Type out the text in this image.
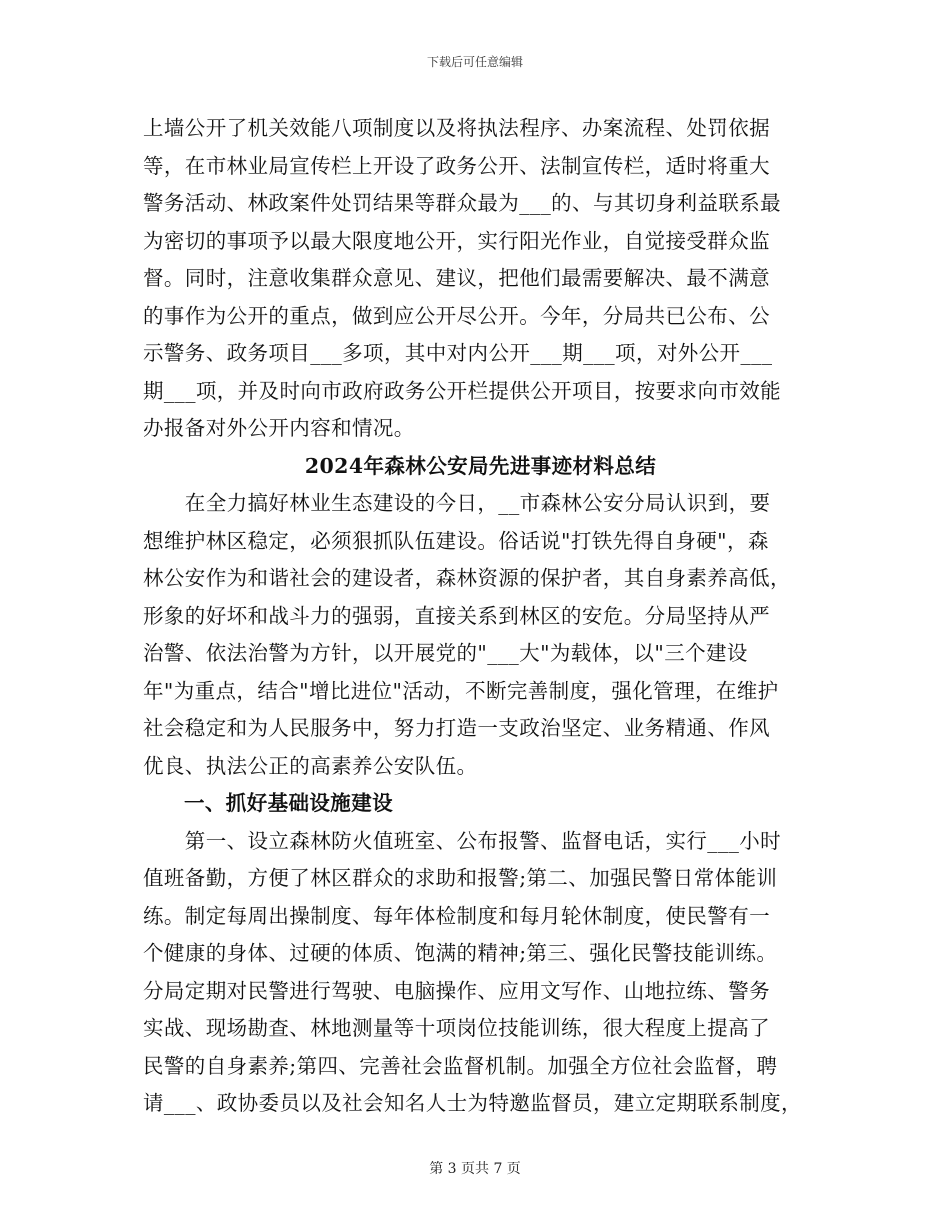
下载后可任意编辑
上墙公开了机关效能八项制度以及将执法程序、办案流程、处罚依据
等，在市林业局宣传栏上开设了政务公开、法制宣传栏，适时将重大
警务活动、林政案件处罚结果等群众最为___的、与其切身利益联系最
为密切的事项予以最大限度地公开，实行阳光作业，自觉接受群众监
督。同时，注意收集群众意见、建议，把他们最需要解决、最不满意
的事作为公开的重点，做到应公开尽公开。今年，分局共已公布、公
示警务、政务项目___多项，其中对内公开___期___项，对外公开___
期___项，并及时向市政府政务公开栏提供公开项目，按要求向市效能
办报备对外公开内容和情况。
2024年森林公安局先进事迹材料总结
　　在全力搞好林业生态建设的今日，__市森林公安分局认识到，要
想维护林区稳定，必须狠抓队伍建设。俗话说"打铁先得自身硬"，森
林公安作为和谐社会的建设者，森林资源的保护者，其自身素养高低，
形象的好坏和战斗力的强弱，直接关系到林区的安危。分局坚持从严
治警、依法治警为方针，以开展党的"___大"为载体，以"三个建设
年"为重点，结合"增比进位"活动，不断完善制度，强化管理，在维护
社会稳定和为人民服务中，努力打造一支政治坚定、业务精通、作风
优良、执法公正的高素养公安队伍。
一、抓好基础设施建设
　　第一、设立森林防火值班室、公布报警、监督电话，实行___小时
值班备勤，方便了林区群众的求助和报警;第二、加强民警日常体能训
练。制定每周出操制度、每年体检制度和每月轮休制度，使民警有一
个健康的身体、过硬的体质、饱满的精神;第三、强化民警技能训练。
分局定期对民警进行驾驶、电脑操作、应用文写作、山地拉练、警务
实战、现场勘查、林地测量等十项岗位技能训练，很大程度上提高了
民警的自身素养;第四、完善社会监督机制。加强全方位社会监督，聘
请___、政协委员以及社会知名人士为特邀监督员，建立定期联系制度，
第 3 页共 7 页
